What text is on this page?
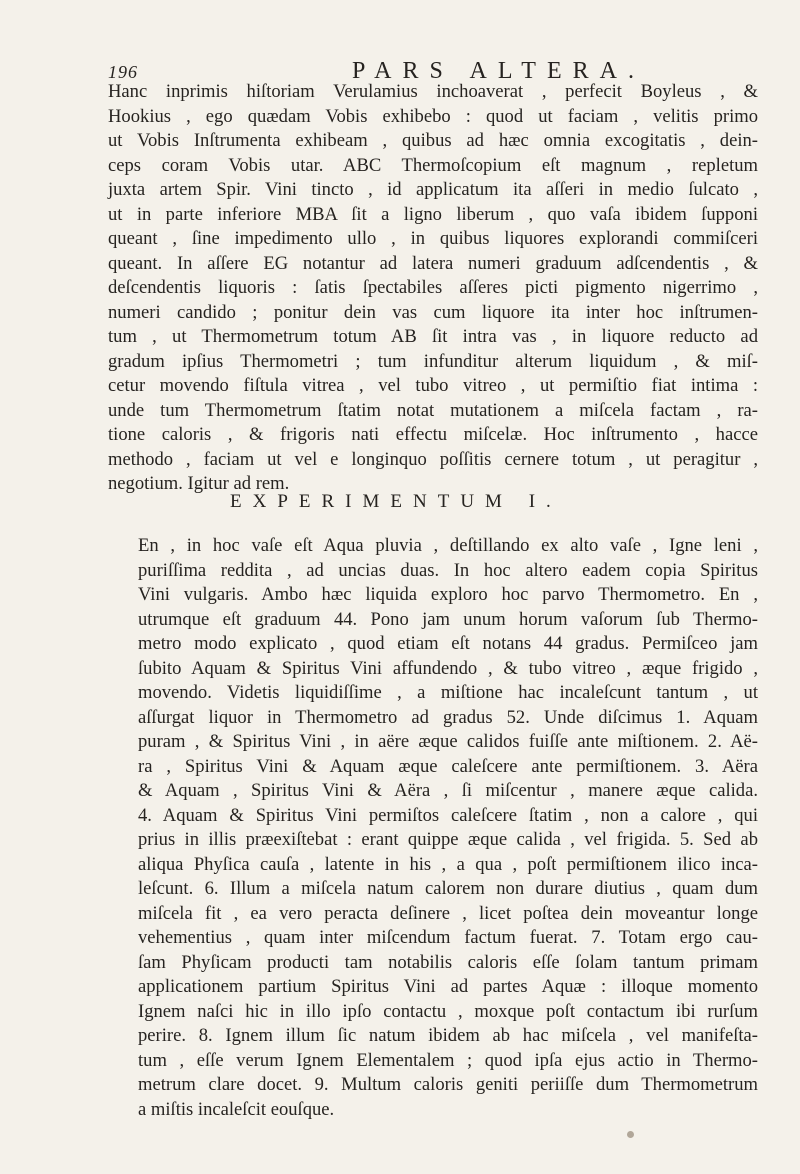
196	PARS ALTERA.
Hanc inprimis hiſtoriam Verulamius inchoaverat , perfecit Boyleus , &
Hookius , ego quædam Vobis exhibebo : quod ut faciam , velitis primo
ut Vobis Inſtrumenta exhibeam , quibus ad hæc omnia excogitatis , dein-
ceps coram Vobis utar. ABC Thermoſcopium eſt magnum , repletum
juxta artem Spir. Vini tincto , id applicatum ita aſſeri in medio ſulcato ,
ut in parte inferiore MBA ſit a ligno liberum , quo vaſa ibidem ſupponi
queant , ſine impedimento ullo , in quibus liquores explorandi commiſceri
queant. In aſſere EG notantur ad latera numeri graduum adſcendentis , &
deſcendentis liquoris : ſatis ſpectabiles aſſeres picti pigmento nigerrimo ,
numeri candido ; ponitur dein vas cum liquore ita inter hoc inſtrumen-
tum , ut Thermometrum totum AB ſit intra vas , in liquore reducto ad
gradum ipſius Thermometri ; tum infunditur alterum liquidum , & miſ-
cetur movendo fiſtula vitrea , vel tubo vitreo , ut permiſtio fiat intima :
unde tum Thermometrum ſtatim notat mutationem a miſcela factam , ra-
tione caloris , & frigoris nati effectu miſcelæ. Hoc inſtrumento , hacce
methodo , faciam ut vel e longinquo poſſitis cernere totum , ut peragitur ,
negotium. Igitur ad rem.
EXPERIMENTUM I.
En , in hoc vaſe eſt Aqua pluvia , deſtillando ex alto vaſe , Igne leni ,
puriſſima reddita , ad uncias duas. In hoc altero eadem copia Spiritus
Vini vulgaris. Ambo hæc liquida exploro hoc parvo Thermometro. En ,
utrumque eſt graduum 44. Pono jam unum horum vaſorum ſub Thermo-
metro modo explicato , quod etiam eſt notans 44 gradus. Permiſceo jam
ſubito Aquam & Spiritus Vini affundendo , & tubo vitreo , æque frigido ,
movendo. Videtis liquidiſſime , a miſtione hac incaleſcunt tantum , ut
aſſurgat liquor in Thermometro ad gradus 52. Unde diſcimus 1. Aquam
puram , & Spiritus Vini , in aëre æque calidos fuiſſe ante miſtionem. 2. Aë-
ra , Spiritus Vini & Aquam æque caleſcere ante permiſtionem. 3. Aëra
& Aquam , Spiritus Vini & Aëra , ſi miſcentur , manere æque calida.
4. Aquam & Spiritus Vini permiſtos caleſcere ſtatim , non a calore , qui
prius in illis præexiſtebat : erant quippe æque calida , vel frigida. 5. Sed ab
aliqua Phyſica cauſa , latente in his , a qua , poſt permiſtionem ilico inca-
leſcunt. 6. Illum a miſcela natum calorem non durare diutius , quam dum
miſcela fit , ea vero peracta deſinere , licet poſtea dein moveantur longe
vehementius , quam inter miſcendum factum fuerat. 7. Totam ergo cau-
ſam Phyſicam producti tam notabilis caloris eſſe ſolam tantum primam
applicationem partium Spiritus Vini ad partes Aquæ : illoque momento
Ignem naſci hic in illo ipſo contactu , moxque poſt contactum ibi rurſum
perire. 8. Ignem illum ſic natum ibidem ab hac miſcela , vel manifeſta-
tum , eſſe verum Ignem Elementalem ; quod ipſa ejus actio in Thermo-
metrum clare docet. 9. Multum caloris geniti periiſſe dum Thermometrum
a miſtis incaleſcit eouſque.
